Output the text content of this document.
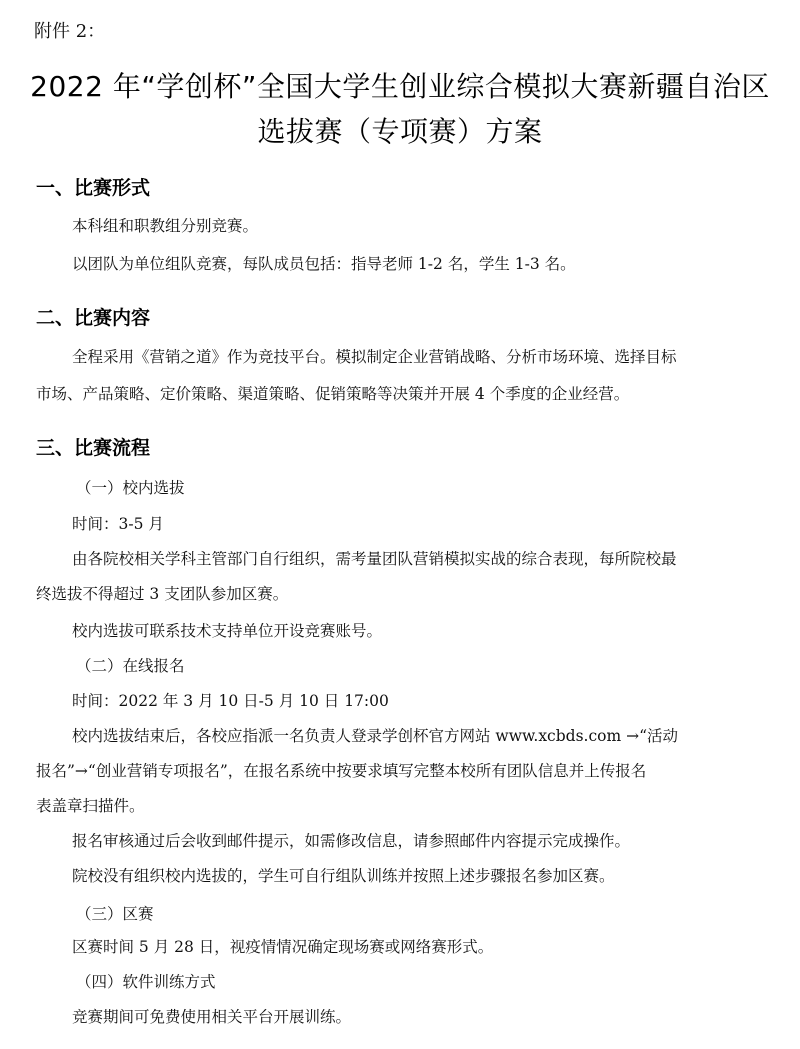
附件 2：
2022 年“学创杯”全国大学生创业综合模拟大赛新疆自治区
选拔赛（专项赛）方案
一、比赛形式
本科组和职教组分别竞赛。
以团队为单位组队竞赛，每队成员包括：指导老师 1-2 名，学生 1-3 名。
二、比赛内容
全程采用《营销之道》作为竞技平台。模拟制定企业营销战略、分析市场环境、选择目标
市场、产品策略、定价策略、渠道策略、促销策略等决策并开展 4 个季度的企业经营。
三、比赛流程
（一）校内选拔
时间：3-5 月
由各院校相关学科主管部门自行组织，需考量团队营销模拟实战的综合表现，每所院校最
终选拔不得超过 3 支团队参加区赛。
校内选拔可联系技术支持单位开设竞赛账号。
（二）在线报名
时间：2022 年 3 月 10 日-5 月 10 日 17:00
校内选拔结束后，各校应指派一名负责人登录学创杯官方网站 www.xcbds.com →“活动
报名”→“创业营销专项报名”，在报名系统中按要求填写完整本校所有团队信息并上传报名
表盖章扫描件。
报名审核通过后会收到邮件提示，如需修改信息，请参照邮件内容提示完成操作。
院校没有组织校内选拔的，学生可自行组队训练并按照上述步骤报名参加区赛。
（三）区赛
区赛时间 5 月 28 日，视疫情情况确定现场赛或网络赛形式。
（四）软件训练方式
竞赛期间可免费使用相关平台开展训练。
